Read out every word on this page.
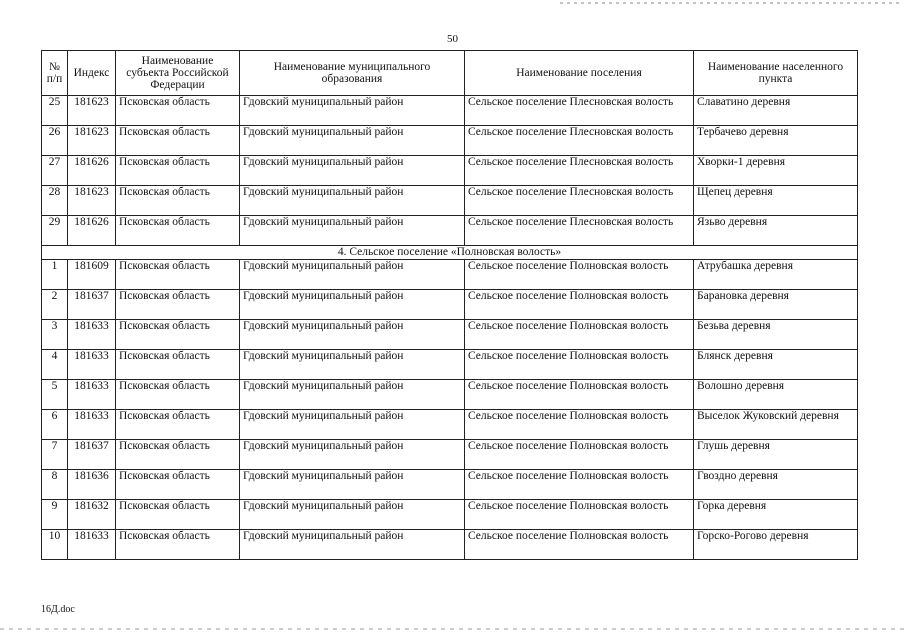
50
№ п/п	Индекс	Наименование субъекта Российской Федерации	Наименование муниципального образования	Наименование поселения	Наименование населенного пункта
25	181623	Псковская область	Гдовский муниципальный район	Сельское поселение Плесновская волость	Славатино деревня
26	181623	Псковская область	Гдовский муниципальный район	Сельское поселение Плесновская волость	Тербачево деревня
27	181626	Псковская область	Гдовский муниципальный район	Сельское поселение Плесновская волость	Хворки-1 деревня
28	181623	Псковская область	Гдовский муниципальный район	Сельское поселение Плесновская волость	Щепец деревня
29	181626	Псковская область	Гдовский муниципальный район	Сельское поселение Плесновская волость	Язьво деревня
4. Сельское поселение «Полновская волость»					
1	181609	Псковская область	Гдовский муниципальный район	Сельское поселение Полновская волость	Атрубашка деревня
2	181637	Псковская область	Гдовский муниципальный район	Сельское поселение Полновская волость	Барановка деревня
3	181633	Псковская область	Гдовский муниципальный район	Сельское поселение Полновская волость	Безьва деревня
4	181633	Псковская область	Гдовский муниципальный район	Сельское поселение Полновская волость	Блянск деревня
5	181633	Псковская область	Гдовский муниципальный район	Сельское поселение Полновская волость	Волошно деревня
6	181633	Псковская область	Гдовский муниципальный район	Сельское поселение Полновская волость	Выселок Жуковский деревня
7	181637	Псковская область	Гдовский муниципальный район	Сельское поселение Полновская волость	Глушь деревня
8	181636	Псковская область	Гдовский муниципальный район	Сельское поселение Полновская волость	Гвоздно деревня
9	181632	Псковская область	Гдовский муниципальный район	Сельское поселение Полновская волость	Горка деревня
10	181633	Псковская область	Гдовский муниципальный район	Сельское поселение Полновская волость	Горско-Рогово деревня
16Д.doc
